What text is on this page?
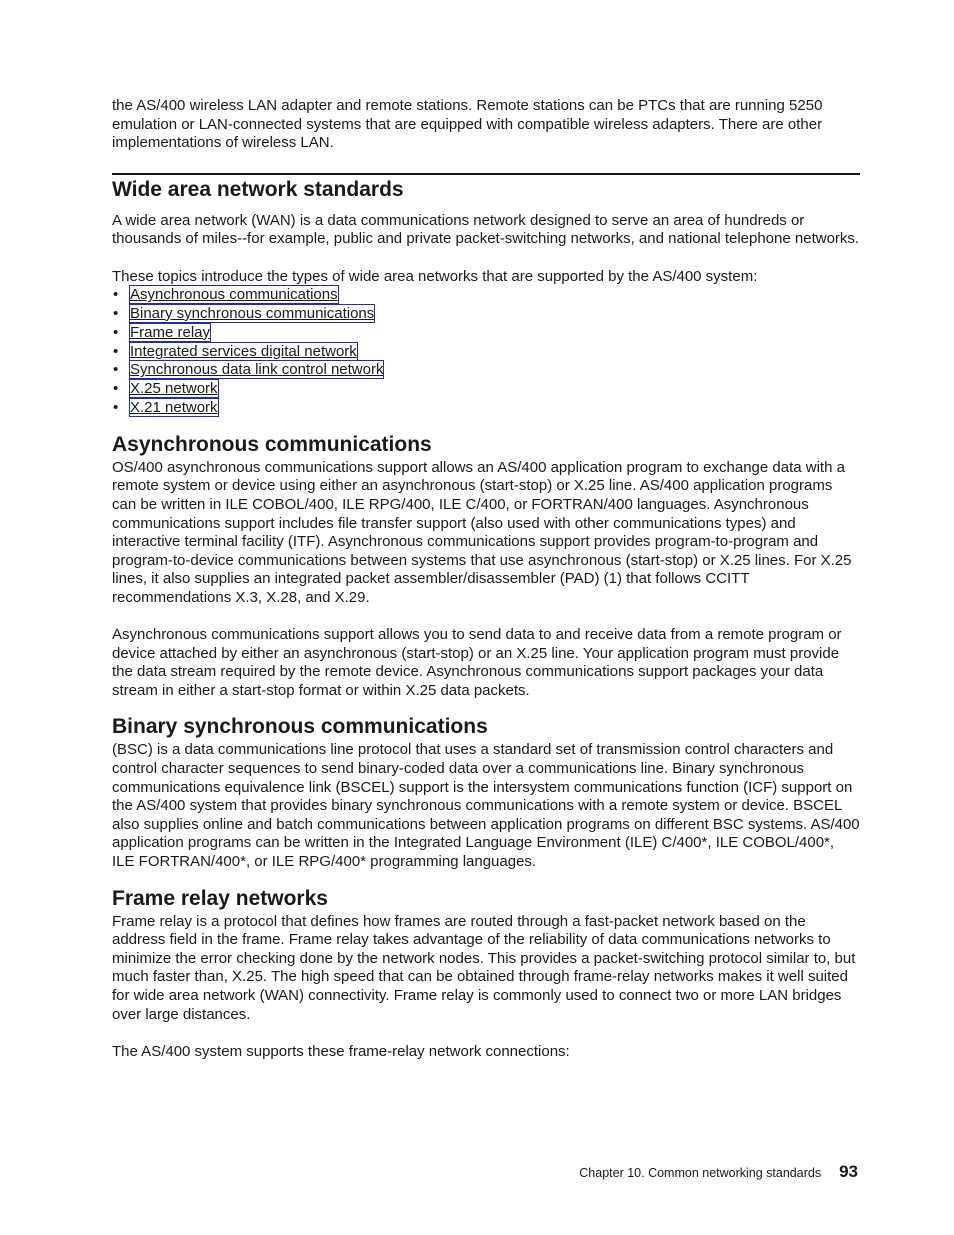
the AS/400 wireless LAN adapter and remote stations. Remote stations can be PTCs that are running 5250 emulation or LAN-connected systems that are equipped with compatible wireless adapters. There are other implementations of wireless LAN.

Wide area network standards

A wide area network (WAN) is a data communications network designed to serve an area of hundreds or thousands of miles--for example, public and private packet-switching networks, and national telephone networks.

These topics introduce the types of wide area networks that are supported by the AS/400 system:

• Asynchronous communications
• Binary synchronous communications
• Frame relay
• Integrated services digital network
• Synchronous data link control network
• X.25 network
• X.21 network
Asynchronous communications

OS/400 asynchronous communications support allows an AS/400 application program to exchange data with a remote system or device using either an asynchronous (start-stop) or X.25 line. AS/400 application programs can be written in ILE COBOL/400, ILE RPG/400, ILE C/400, or FORTRAN/400 languages. Asynchronous communications support includes file transfer support (also used with other communications types) and interactive terminal facility (ITF). Asynchronous communications support provides program-to-program and program-to-device communications between systems that use asynchronous (start-stop) or X.25 lines. For X.25 lines, it also supplies an integrated packet assembler/disassembler (PAD) (1) that follows CCITT recommendations X.3, X.28, and X.29.

Asynchronous communications support allows you to send data to and receive data from a remote program or device attached by either an asynchronous (start-stop) or an X.25 line. Your application program must provide the data stream required by the remote device. Asynchronous communications support packages your data stream in either a start-stop format or within X.25 data packets.

Binary synchronous communications

(BSC) is a data communications line protocol that uses a standard set of transmission control characters and control character sequences to send binary-coded data over a communications line. Binary synchronous communications equivalence link (BSCEL) support is the intersystem communications function (ICF) support on the AS/400 system that provides binary synchronous communications with a remote system or device. BSCEL also supplies online and batch communications between application programs on different BSC systems. AS/400 application programs can be written in the Integrated Language Environment (ILE) C/400*, ILE COBOL/400*, ILE FORTRAN/400*, or ILE RPG/400* programming languages.

Frame relay networks

Frame relay is a protocol that defines how frames are routed through a fast-packet network based on the address field in the frame. Frame relay takes advantage of the reliability of data communications networks to minimize the error checking done by the network nodes. This provides a packet-switching protocol similar to, but much faster than, X.25. The high speed that can be obtained through frame-relay networks makes it well suited for wide area network (WAN) connectivity. Frame relay is commonly used to connect two or more LAN bridges over large distances.

The AS/400 system supports these frame-relay network connections:

Chapter 10. Common networking standards 93
